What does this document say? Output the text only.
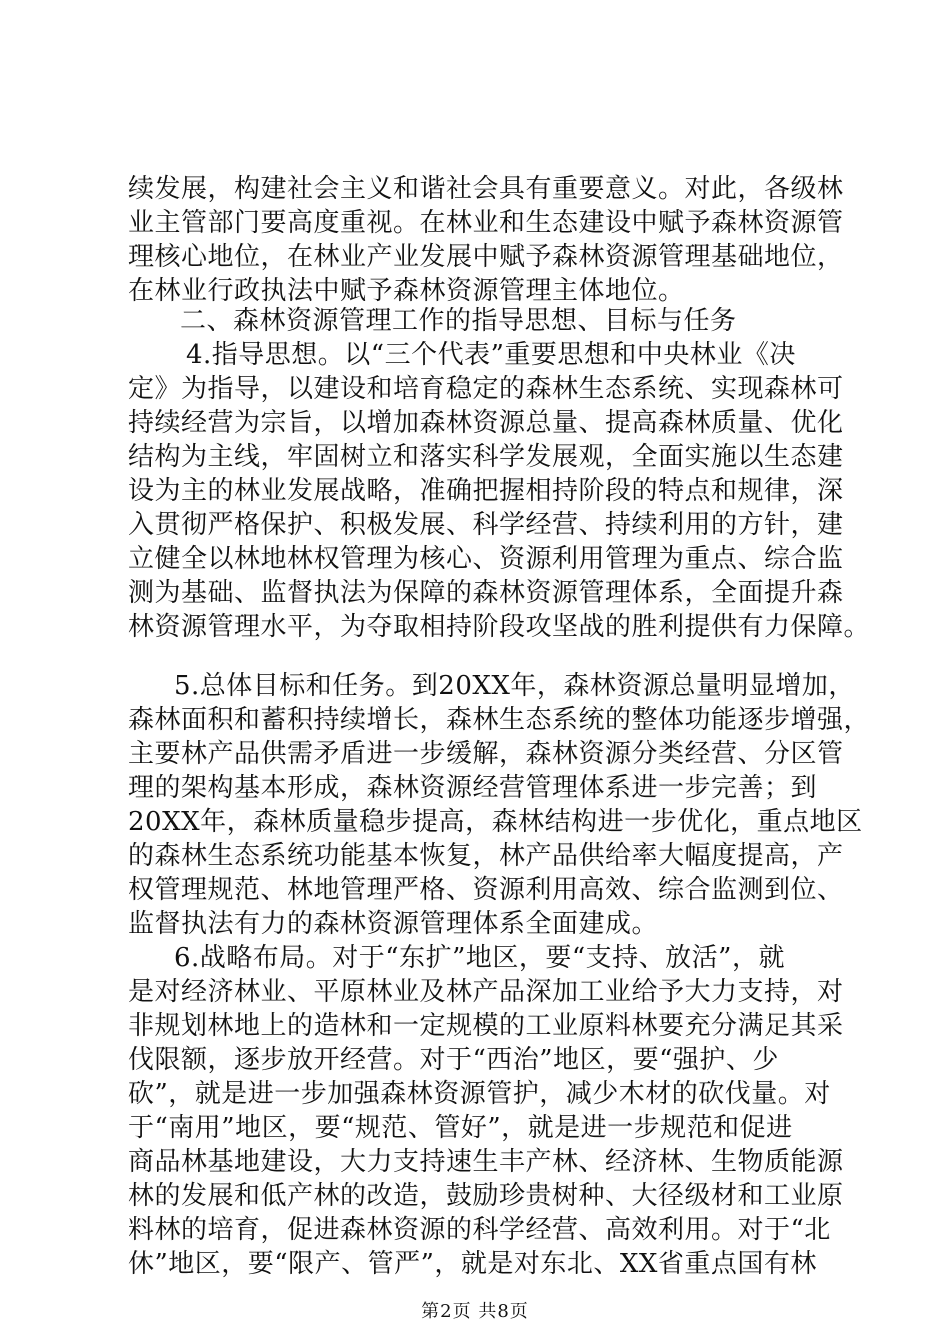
续发展，构建社会主义和谐社会具有重要意义。对此，各级林
业主管部门要高度重视。在林业和生态建设中赋予森林资源管
理核心地位，在林业产业发展中赋予森林资源管理基础地位，
在林业行政执法中赋予森林资源管理主体地位。
二、森林资源管理工作的指导思想、目标与任务
4.指导思想。以“三个代表”重要思想和中央林业《决
定》为指导，以建设和培育稳定的森林生态系统、实现森林可
持续经营为宗旨，以增加森林资源总量、提高森林质量、优化
结构为主线，牢固树立和落实科学发展观，全面实施以生态建
设为主的林业发展战略，准确把握相持阶段的特点和规律，深
入贯彻严格保护、积极发展、科学经营、持续利用的方针，建
立健全以林地林权管理为核心、资源利用管理为重点、综合监
测为基础、监督执法为保障的森林资源管理体系，全面提升森
林资源管理水平，为夺取相持阶段攻坚战的胜利提供有力保障。
5.总体目标和任务。到20XX年，森林资源总量明显增加，
森林面积和蓄积持续增长，森林生态系统的整体功能逐步增强，
主要林产品供需矛盾进一步缓解，森林资源分类经营、分区管
理的架构基本形成，森林资源经营管理体系进一步完善；到
20XX年，森林质量稳步提高，森林结构进一步优化，重点地区
的森林生态系统功能基本恢复，林产品供给率大幅度提高，产
权管理规范、林地管理严格、资源利用高效、综合监测到位、
监督执法有力的森林资源管理体系全面建成。
6.战略布局。对于“东扩”地区，要“支持、放活”，就
是对经济林业、平原林业及林产品深加工业给予大力支持，对
非规划林地上的造林和一定规模的工业原料林要充分满足其采
伐限额，逐步放开经营。对于“西治”地区，要“强护、少
砍”，就是进一步加强森林资源管护，减少木材的砍伐量。对
于“南用”地区，要“规范、管好”，就是进一步规范和促进
商品林基地建设，大力支持速生丰产林、经济林、生物质能源
林的发展和低产林的改造，鼓励珍贵树种、大径级材和工业原
料林的培育，促进森林资源的科学经营、高效利用。对于“北
休”地区，要“限产、管严”，就是对东北、XX省重点国有林
第2页 共8页
